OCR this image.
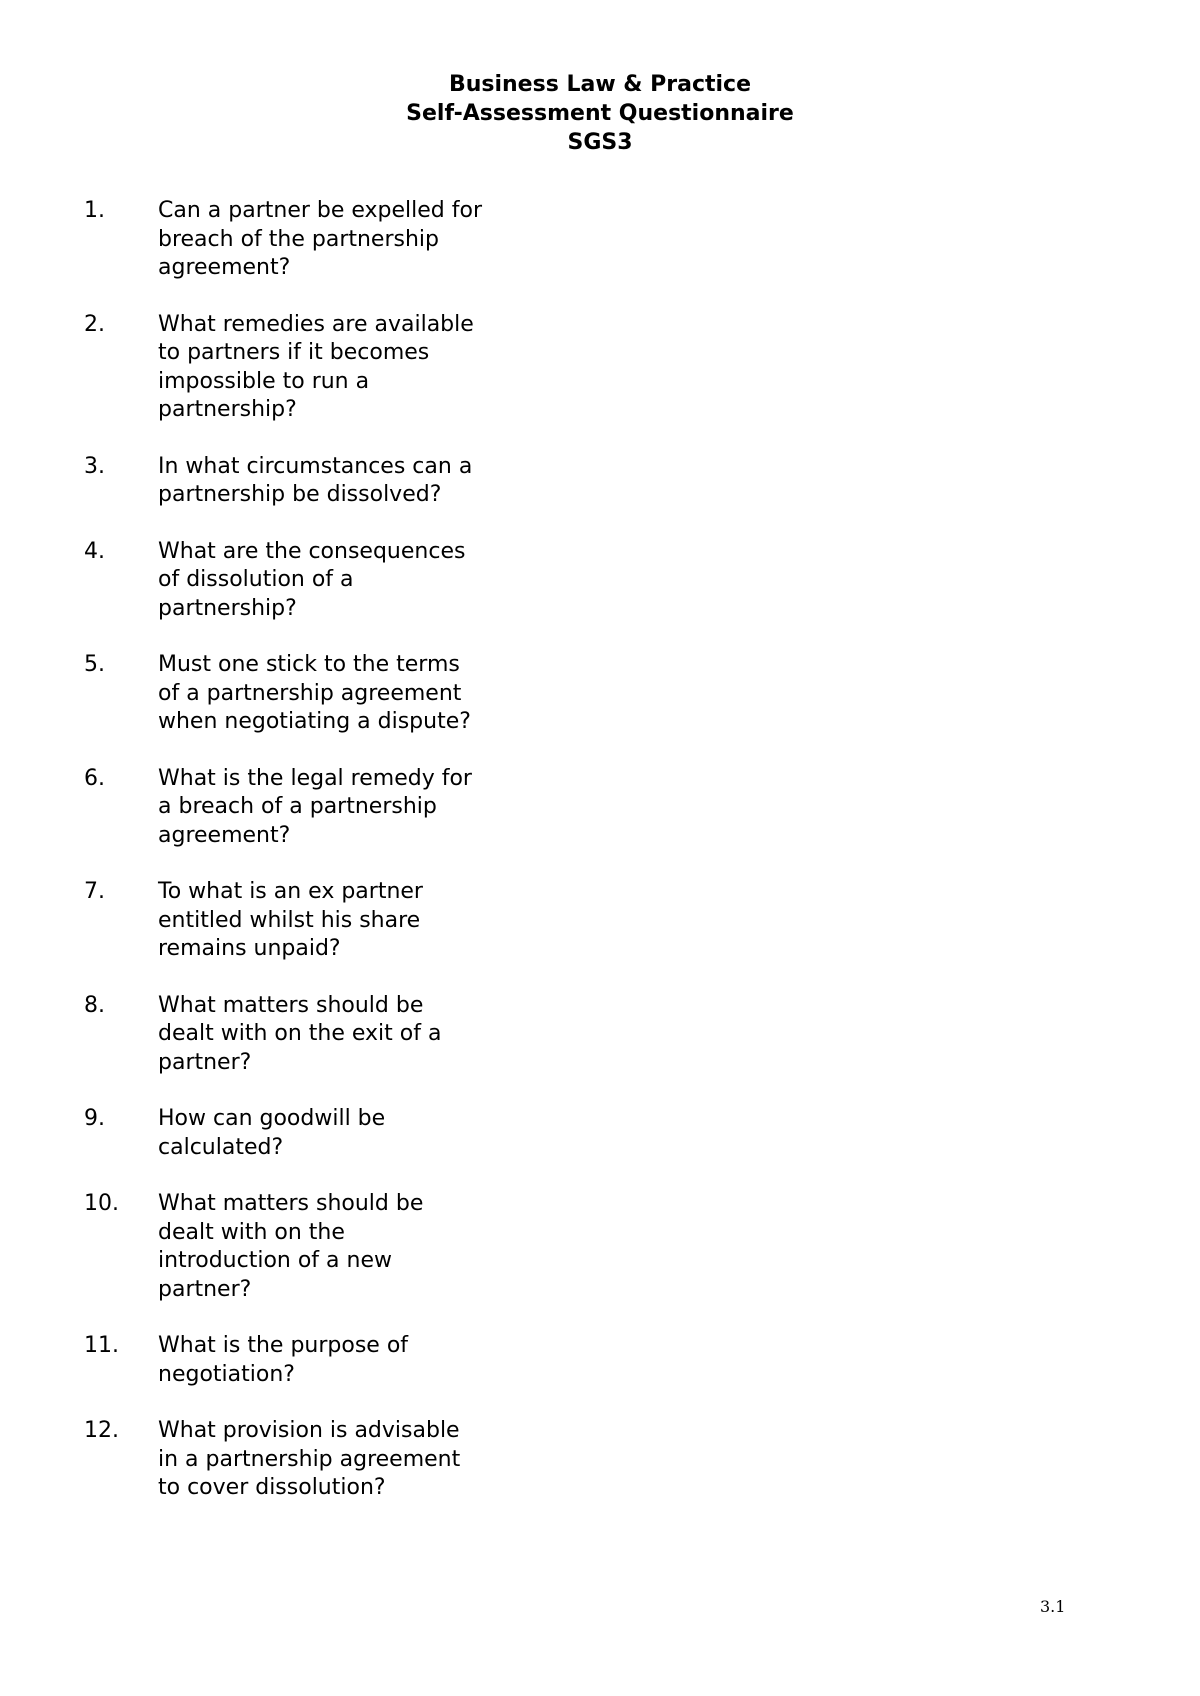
Business Law & Practice
Self-Assessment Questionnaire
SGS3
1.	Can a partner be expelled for
breach of the partnership
agreement?
2.	What remedies are available
to partners if it becomes
impossible to run a
partnership?
3.	In what circumstances can a
partnership be dissolved?
4.	What are the consequences
of dissolution of a
partnership?
5.	Must one stick to the terms
of a partnership agreement
when negotiating a dispute?
6.	What is the legal remedy for
a breach of a partnership
agreement?
7.	To what is an ex partner
entitled whilst his share
remains unpaid?
8.	What matters should be
dealt with on the exit of a
partner?
9.	How can goodwill be
calculated?
10.	What matters should be
dealt with on the
introduction of a new
partner?
11.	What is the purpose of
negotiation?
12.	What provision is advisable
in a partnership agreement
to cover dissolution?
3.1
